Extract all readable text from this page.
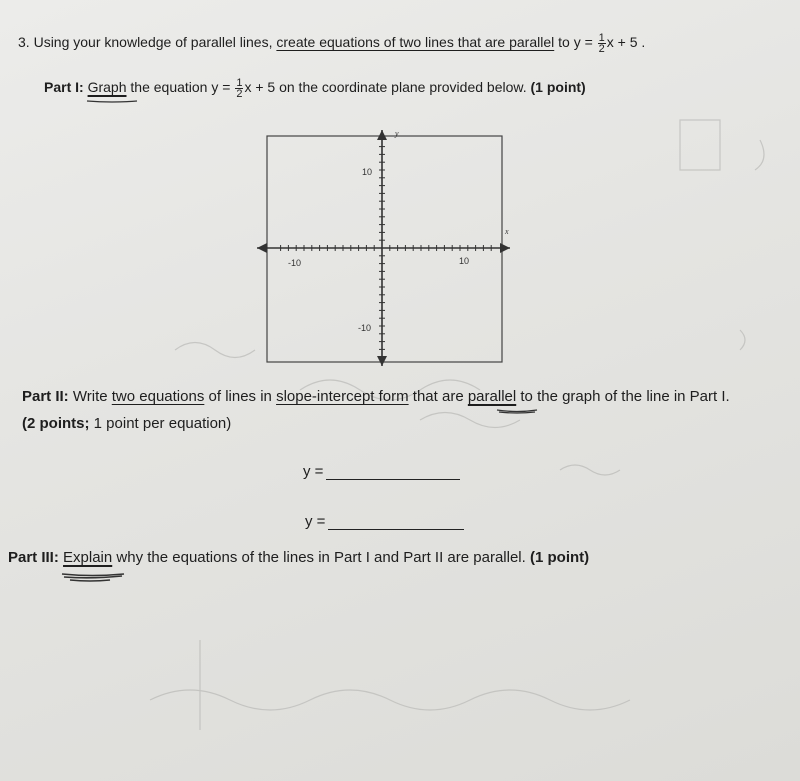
3. Using your knowledge of parallel lines, create equations of two lines that are parallel to $y = \frac{1}{2}$ x + 5 .
Part I: Graph the equation $y = \frac{1}{2}$ x + 5 on the coordinate plane provided below. (1 point)
y
x
10
-10
-10	10
Part II: Write two equations of lines in slope-intercept form that are parallel to the graph of the line in Part I.
(2 points; 1 point per equation)
y =
y =
Part III: Explain why the equations of the lines in Part I and Part II are parallel. (1 point)
